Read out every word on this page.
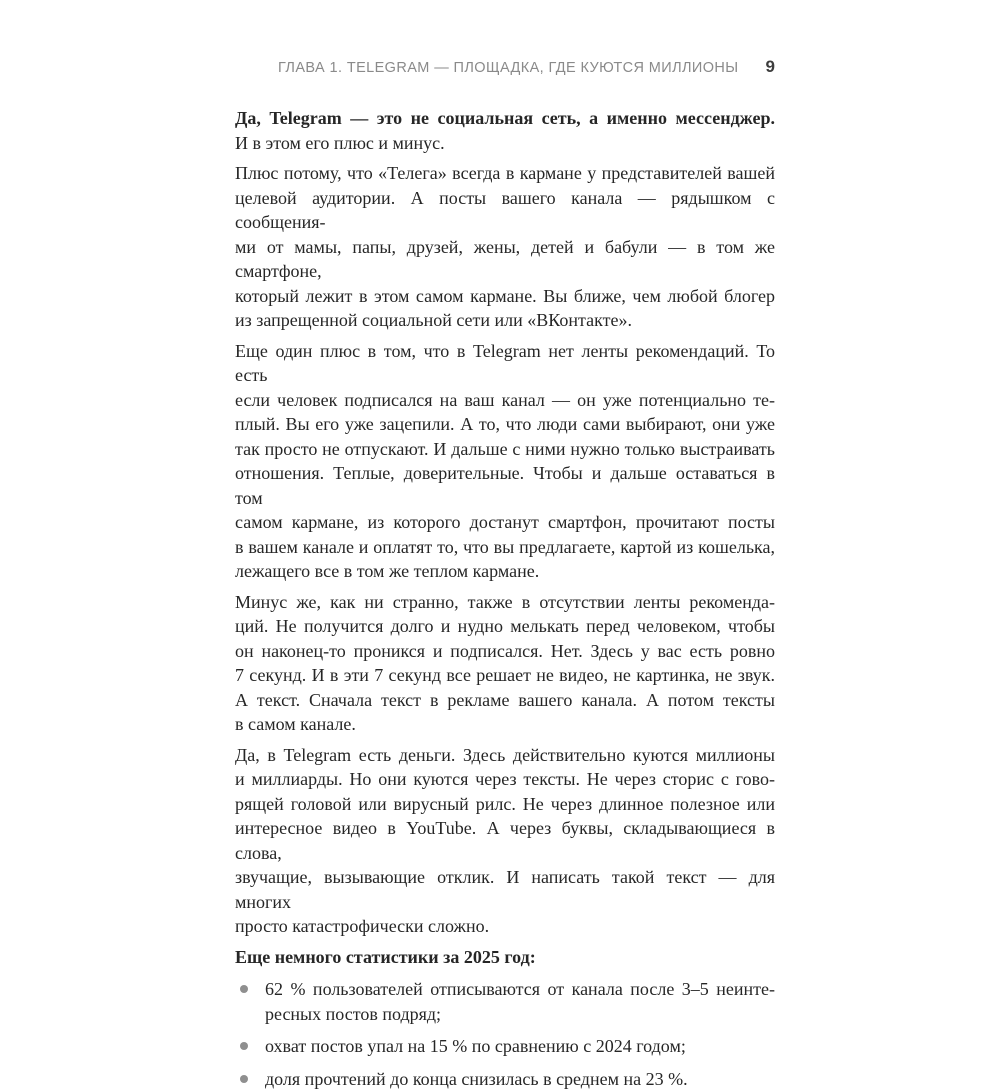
ГЛАВА 1. TELEGRAM — ПЛОЩАДКА, ГДЕ КУЮТСЯ МИЛЛИОНЫ 9
Да, Telegram — это не социальная сеть, а именно мессенджер.
И в этом его плюс и минус.
Плюс потому, что «Телега» всегда в кармане у представителей вашей
целевой аудитории. А посты вашего канала — рядышком с сообщения-
ми от мамы, папы, друзей, жены, детей и бабули — в том же смартфоне,
который лежит в этом самом кармане. Вы ближе, чем любой блогер
из запрещенной социальной сети или «ВКонтакте».
Еще один плюс в том, что в Telegram нет ленты рекомендаций. То есть
если человек подписался на ваш канал — он уже потенциально те-
плый. Вы его уже зацепили. А то, что люди сами выбирают, они уже
так просто не отпускают. И дальше с ними нужно только выстраивать
отношения. Теплые, доверительные. Чтобы и дальше оставаться в том
самом кармане, из которого достанут смартфон, прочитают посты
в вашем канале и оплатят то, что вы предлагаете, картой из кошелька,
лежащего все в том же теплом кармане.
Минус же, как ни странно, также в отсутствии ленты рекоменда-
ций. Не получится долго и нудно мелькать перед человеком, чтобы
он наконец-то проникся и подписался. Нет. Здесь у вас есть ровно
7 секунд. И в эти 7 секунд все решает не видео, не картинка, не звук.
А текст. Сначала текст в рекламе вашего канала. А потом тексты
в самом канале.
Да, в Telegram есть деньги. Здесь действительно куются миллионы
и миллиарды. Но они куются через тексты. Не через сторис с гово-
рящей головой или вирусный рилс. Не через длинное полезное или
интересное видео в YouTube. А через буквы, складывающиеся в слова,
звучащие, вызывающие отклик. И написать такой текст — для многих
просто катастрофически сложно.
Еще немного статистики за 2025 год:
62 % пользователей отписываются от канала после 3–5 неинте-
ресных постов подряд;
охват постов упал на 15 % по сравнению с 2024 годом;
доля прочтений до конца снизилась в среднем на 23 %.
